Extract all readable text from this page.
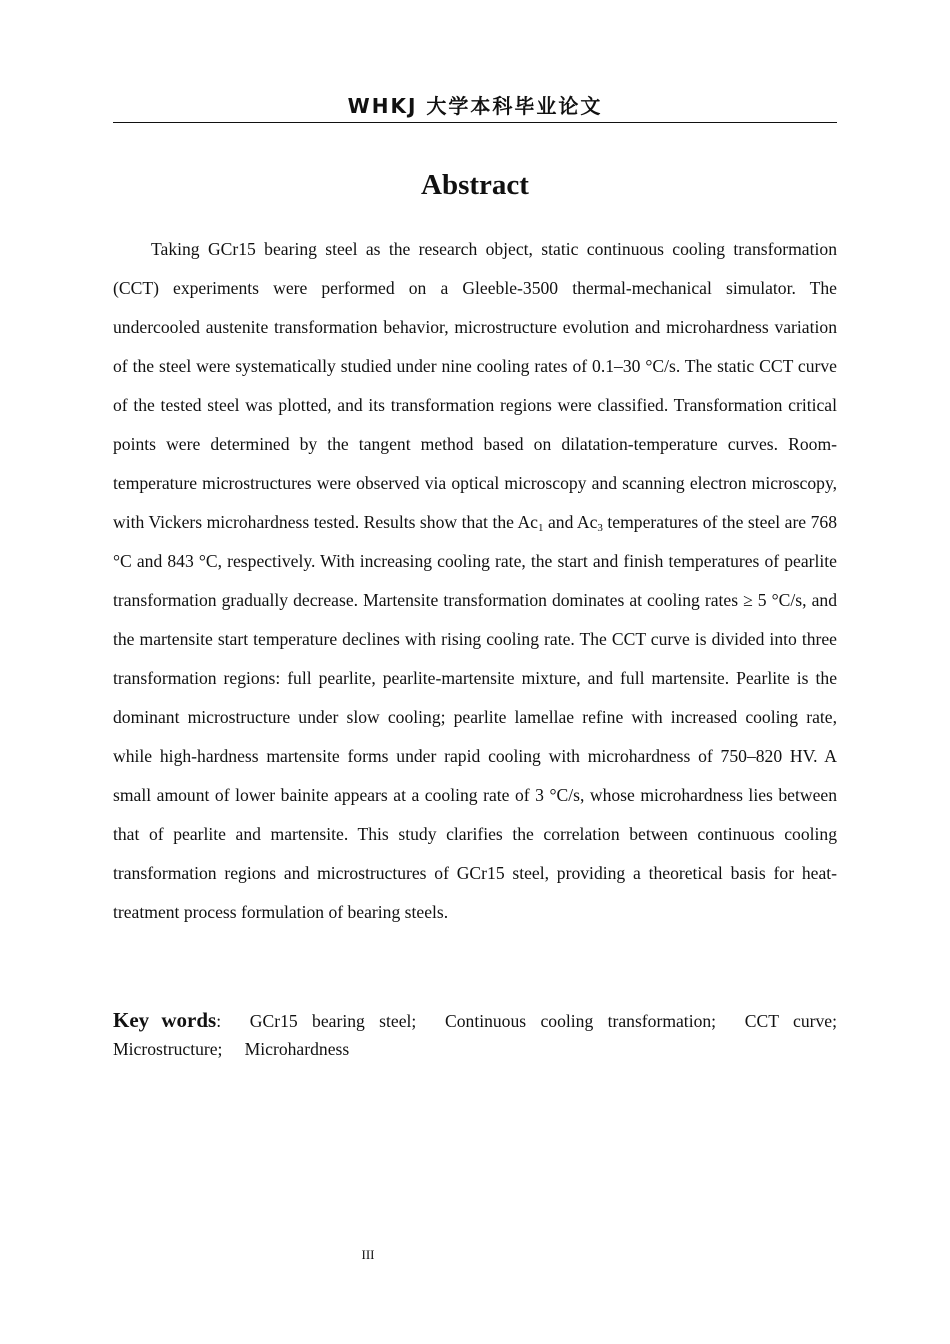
WHKJ 大学本科毕业论文
Abstract

Taking GCr15 bearing steel as the research object, static continuous cooling transformation (CCT) experiments were performed on a Gleeble-3500 thermal-mechanical simulator. The undercooled austenite transformation behavior, microstructure evolution and microhardness variation of the steel were systematically studied under nine cooling rates of 0.1–30 °C/s. The static CCT curve of the tested steel was plotted, and its transformation regions were classified. Transformation critical points were determined by the tangent method based on dilatation-temperature curves. Room-temperature microstructures were observed via optical microscopy and scanning electron microscopy, with Vickers microhardness tested. Results show that the $Ac_1$ and $Ac_3$ temperatures of the steel are 768 °C and 843 °C, respectively. With increasing cooling rate, the start and finish temperatures of pearlite transformation gradually decrease. Martensite transformation dominates at cooling rates ≥ 5 °C/s, and the martensite start temperature declines with rising cooling rate. The CCT curve is divided into three transformation regions: full pearlite, pearlite-martensite mixture, and full martensite. Pearlite is the dominant microstructure under slow cooling; pearlite lamellae refine with increased cooling rate, while high-hardness martensite forms under rapid cooling with microhardness of 750–820 HV. A small amount of lower bainite appears at a cooling rate of 3 °C/s, whose microhardness lies between that of pearlite and martensite. This study clarifies the correlation between continuous cooling transformation regions and microstructures of GCr15 steel, providing a theoretical basis for heat-treatment process formulation of bearing steels.

Key words: GCr15 bearing steel; Continuous cooling transformation; CCT curve; Microstructure; Microhardness

III
